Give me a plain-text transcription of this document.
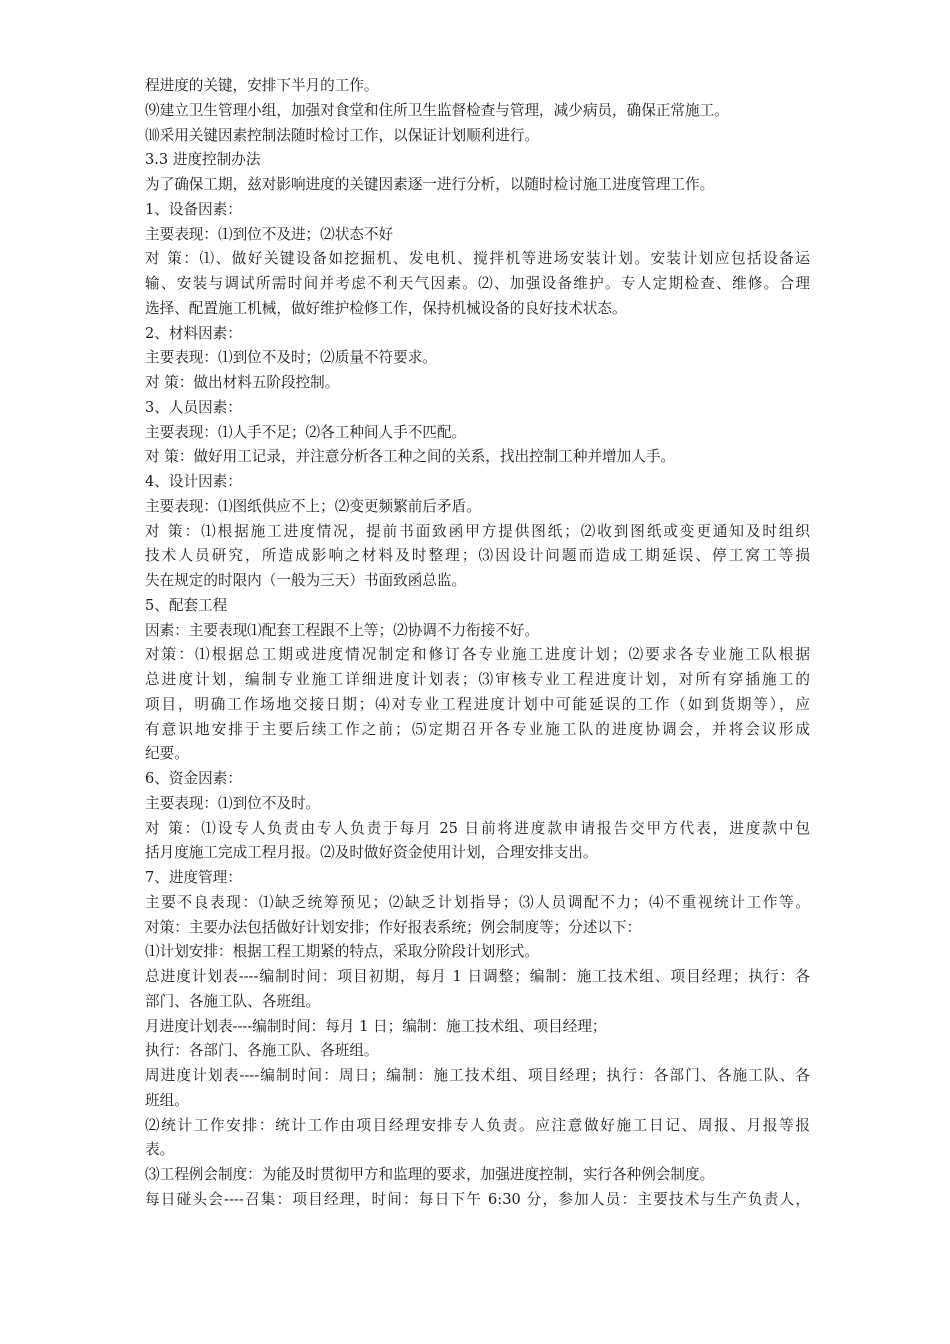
程进度的关键，安排下半月的工作。
⑼建立卫生管理小组，加强对食堂和住所卫生监督检查与管理，减少病员，确保正常施工。
⑽采用关键因素控制法随时检讨工作，以保证计划顺利进行。
3.3 进度控制办法
为了确保工期，兹对影响进度的关键因素逐一进行分析，以随时检讨施工进度管理工作。
1、设备因素：
主要表现：⑴到位不及进；⑵状态不好
对 策：⑴、做好关键设备如挖掘机、发电机、搅拌机等进场安装计划。安装计划应包括设备运
输、安装与调试所需时间并考虑不利天气因素。⑵、加强设备维护。专人定期检查、维修。合理
选择、配置施工机械，做好维护检修工作，保持机械设备的良好技术状态。
2、材料因素：
主要表现：⑴到位不及时；⑵质量不符要求。
对 策：做出材料五阶段控制。
3、人员因素：
主要表现：⑴人手不足；⑵各工种间人手不匹配。
对 策：做好用工记录，并注意分析各工种之间的关系，找出控制工种并增加人手。
4、设计因素：
主要表现：⑴图纸供应不上；⑵变更频繁前后矛盾。
对 策：⑴根据施工进度情况，提前书面致函甲方提供图纸；⑵收到图纸或变更通知及时组织
技术人员研究，所造成影响之材料及时整理；⑶因设计问题而造成工期延误、停工窝工等损
失在规定的时限内（一般为三天）书面致函总监。
5、配套工程
因素：主要表现⑴配套工程跟不上等；⑵协调不力衔接不好。
对策：⑴根据总工期或进度情况制定和修订各专业施工进度计划；⑵要求各专业施工队根据
总进度计划，编制专业施工详细进度计划表；⑶审核专业工程进度计划，对所有穿插施工的
项目，明确工作场地交接日期；⑷对专业工程进度计划中可能延误的工作（如到货期等），应
有意识地安排于主要后续工作之前；⑸定期召开各专业施工队的进度协调会，并将会议形成
纪要。
6、资金因素：
主要表现：⑴到位不及时。
对 策：⑴设专人负责由专人负责于每月 25 日前将进度款申请报告交甲方代表，进度款中包
括月度施工完成工程月报。⑵及时做好资金使用计划，合理安排支出。
7、进度管理：
主要不良表现：⑴缺乏统筹预见；⑵缺乏计划指导；⑶人员调配不力；⑷不重视统计工作等。
对策：主要办法包括做好计划安排；作好报表系统；例会制度等；分述以下：
⑴计划安排：根据工程工期紧的特点，采取分阶段计划形式。
总进度计划表----编制时间：项目初期，每月 1 日调整；编制：施工技术组、项目经理；执行：各
部门、各施工队、各班组。
月进度计划表----编制时间：每月 1 日；编制：施工技术组、项目经理；
执行：各部门、各施工队、各班组。
周进度计划表----编制时间：周日；编制：施工技术组、项目经理；执行：各部门、各施工队、各
班组。
⑵统计工作安排：统计工作由项目经理安排专人负责。应注意做好施工日记、周报、月报等报
表。
⑶工程例会制度：为能及时贯彻甲方和监理的要求，加强进度控制，实行各种例会制度。
每日碰头会----召集：项目经理，时间：每日下午 6:30 分，参加人员：主要技术与生产负责人，
